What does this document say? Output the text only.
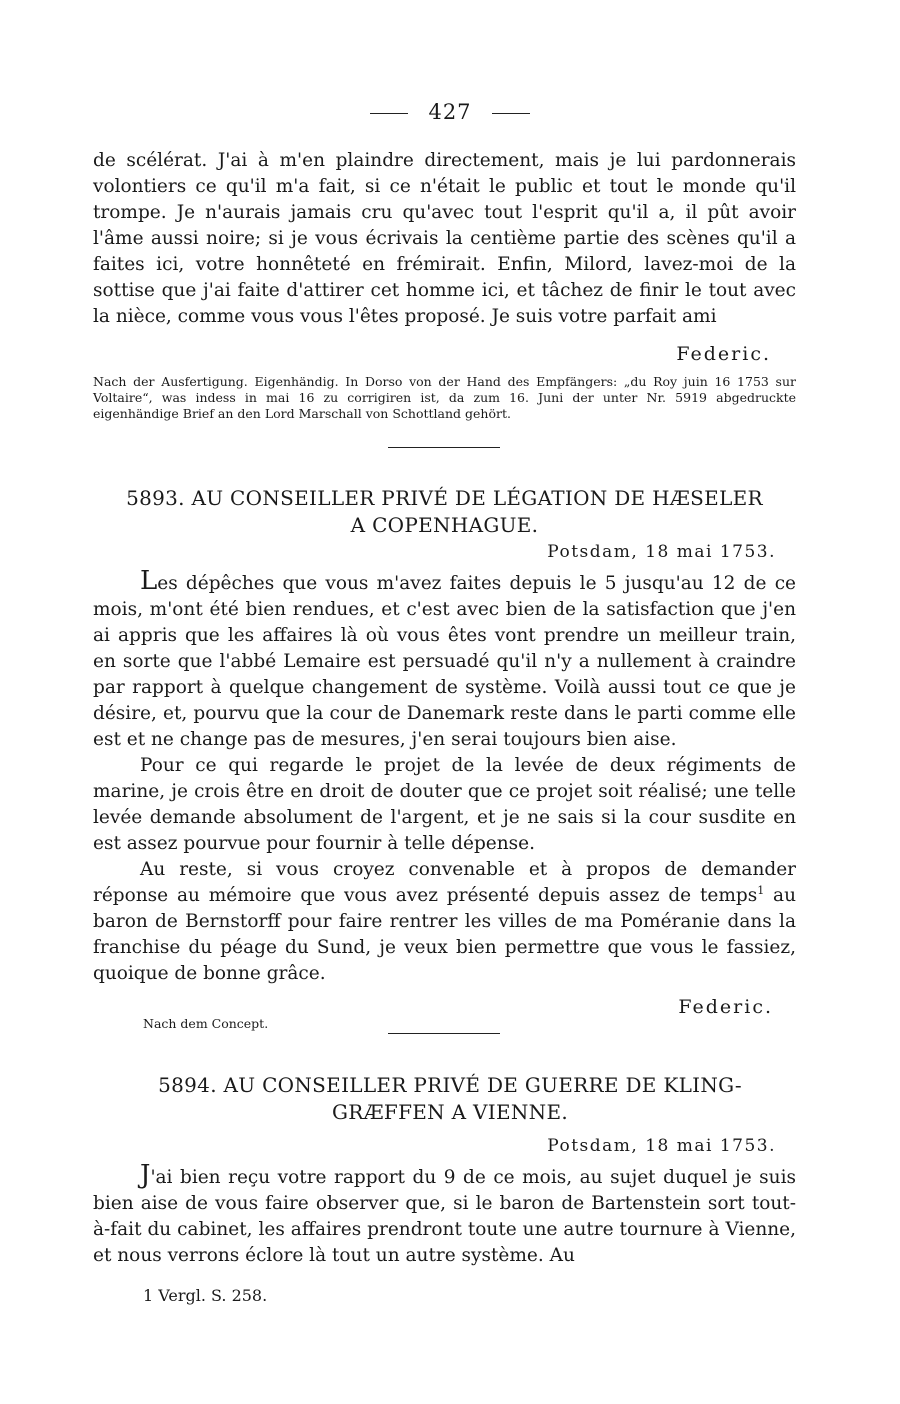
427

de scélérat. J'ai à m'en plaindre directement, mais je lui pardonnerais volontiers ce qu'il m'a fait, si ce n'était le public et tout le monde qu'il trompe. Je n'aurais jamais cru qu'avec tout l'esprit qu'il a, il pût avoir l'âme aussi noire; si je vous écrivais la centième partie des scènes qu'il a faites ici, votre honnêteté en frémirait. Enfin, Milord, lavez-moi de la sottise que j'ai faite d'attirer cet homme ici, et tâchez de finir le tout avec la nièce, comme vous vous l'êtes proposé. Je suis votre parfait ami

Federic.
Nach der Ausfertigung. Eigenhändig. In Dorso von der Hand des Empfängers: „du Roy juin 16 1753 sur Voltaire“, was indess in mai 16 zu corrigiren ist, da zum 16. Juni der unter Nr. 5919 abgedruckte eigenhändige Brief an den Lord Marschall von Schottland gehört.
5893. AU CONSEILLER PRIVÉ DE LÉGATION DE HÆSELER
A COPENHAGUE.
Potsdam, 18 mai 1753.

Les dépêches que vous m'avez faites depuis le 5 jusqu'au 12 de ce mois, m'ont été bien rendues, et c'est avec bien de la satisfaction que j'en ai appris que les affaires là où vous êtes vont prendre un meilleur train, en sorte que l'abbé Lemaire est persuadé qu'il n'y a nullement à craindre par rapport à quelque changement de système. Voilà aussi tout ce que je désire, et, pourvu que la cour de Danemark reste dans le parti comme elle est et ne change pas de mesures, j'en serai toujours bien aise.

Pour ce qui regarde le projet de la levée de deux régiments de marine, je crois être en droit de douter que ce projet soit réalisé; une telle levée demande absolument de l'argent, et je ne sais si la cour susdite en est assez pourvue pour fournir à telle dépense.

Au reste, si vous croyez convenable et à propos de demander réponse au mémoire que vous avez présenté depuis assez de temps$^1$ au baron de Bernstorff pour faire rentrer les villes de ma Poméranie dans la franchise du péage du Sund, je veux bien permettre que vous le fassiez, quoique de bonne grâce.

Federic.
Nach dem Concept.
5894. AU CONSEILLER PRIVÉ DE GUERRE DE KLING-
GRÆFFEN A VIENNE.
Potsdam, 18 mai 1753.

J'ai bien reçu votre rapport du 9 de ce mois, au sujet duquel je suis bien aise de vous faire observer que, si le baron de Bartenstein sort tout-à-fait du cabinet, les affaires prendront toute une autre tournure à Vienne, et nous verrons éclore là tout un autre système. Au

1 Vergl. S. 258.
